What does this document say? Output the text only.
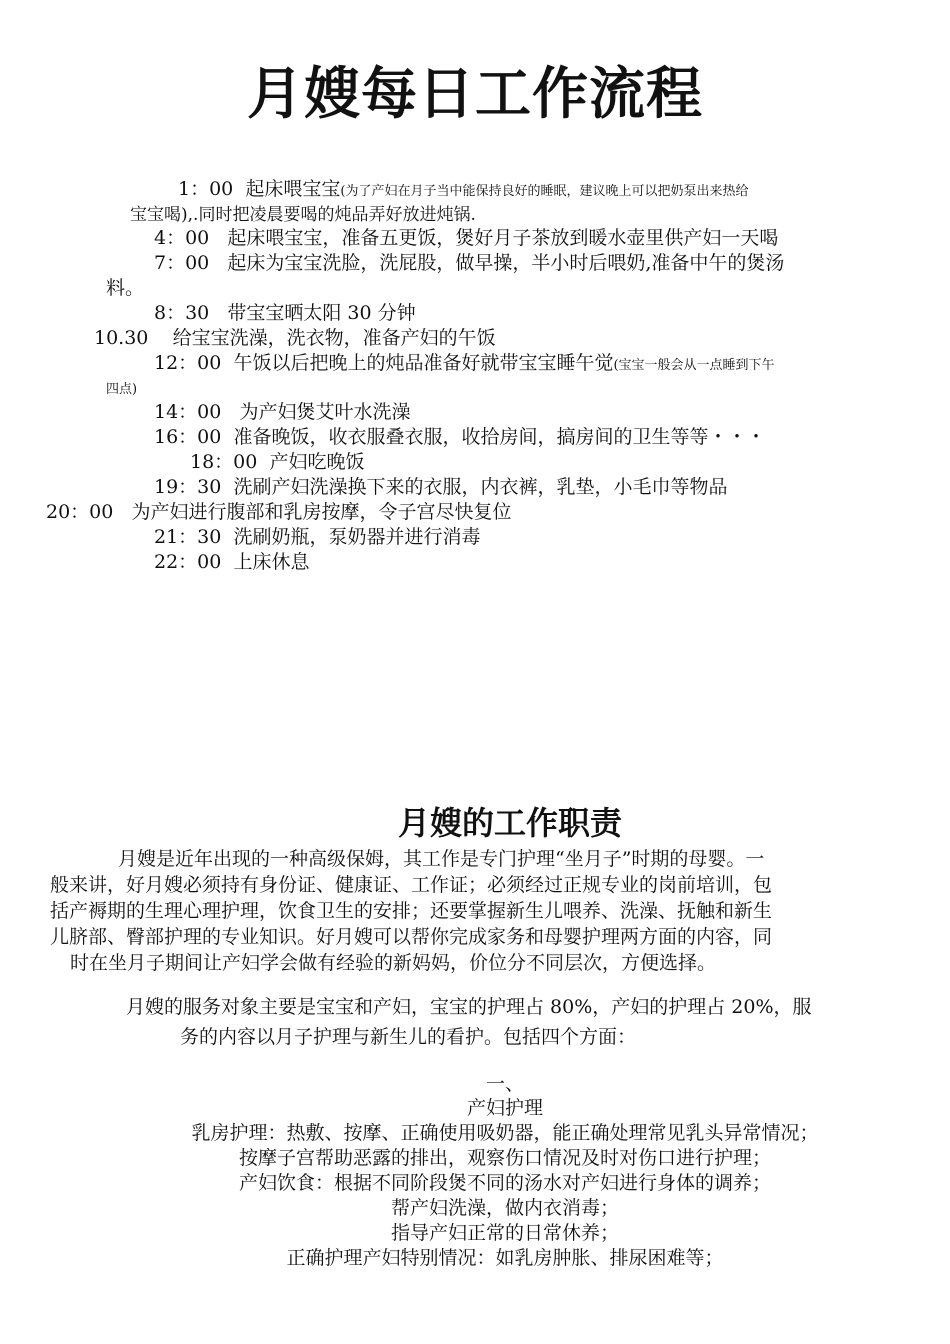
月嫂每日工作流程
1：00 起床喂宝宝(为了产妇在月子当中能保持良好的睡眠，建议晚上可以把奶泵出来热给
宝宝喝),.同时把凌晨要喝的炖品弄好放进炖锅.
4：00 起床喂宝宝，准备五更饭，煲好月子茶放到暖水壶里供产妇一天喝
7：00 起床为宝宝洗脸，洗屁股，做早操，半小时后喂奶,准备中午的煲汤
料。
8：30 带宝宝晒太阳 30 分钟
10.30 给宝宝洗澡，洗衣物，准备产妇的午饭
12：00 午饭以后把晚上的炖品准备好就带宝宝睡午觉(宝宝一般会从一点睡到下午
四点)
14：00 为产妇煲艾叶水洗澡
16：00 准备晚饭，收衣服叠衣服，收拾房间，搞房间的卫生等等・・・
18：00 产妇吃晚饭
19：30 洗刷产妇洗澡换下来的衣服，内衣裤，乳垫，小毛巾等物品
20：00 为产妇进行腹部和乳房按摩，令子宫尽快复位
21：30 洗刷奶瓶，泵奶器并进行消毒
22：00 上床休息
月嫂的工作职责
月嫂是近年出现的一种高级保姆，其工作是专门护理“坐月子”时期的母婴。一
般来讲，好月嫂必须持有身份证、健康证、工作证；必须经过正规专业的岗前培训，包
括产褥期的生理心理护理，饮食卫生的安排；还要掌握新生儿喂养、洗澡、抚触和新生
儿脐部、臀部护理的专业知识。好月嫂可以帮你完成家务和母婴护理两方面的内容，同
时在坐月子期间让产妇学会做有经验的新妈妈，价位分不同层次，方便选择。
月嫂的服务对象主要是宝宝和产妇，宝宝的护理占 80%，产妇的护理占 20%，服
务的内容以月子护理与新生儿的看护。包括四个方面：
一、
产妇护理
乳房护理：热敷、按摩、正确使用吸奶器，能正确处理常见乳头异常情况；
按摩子宫帮助恶露的排出，观察伤口情况及时对伤口进行护理；
产妇饮食：根据不同阶段煲不同的汤水对产妇进行身体的调养；
帮产妇洗澡，做内衣消毒；
指导产妇正常的日常休养；
正确护理产妇特别情况：如乳房肿胀、排尿困难等；
